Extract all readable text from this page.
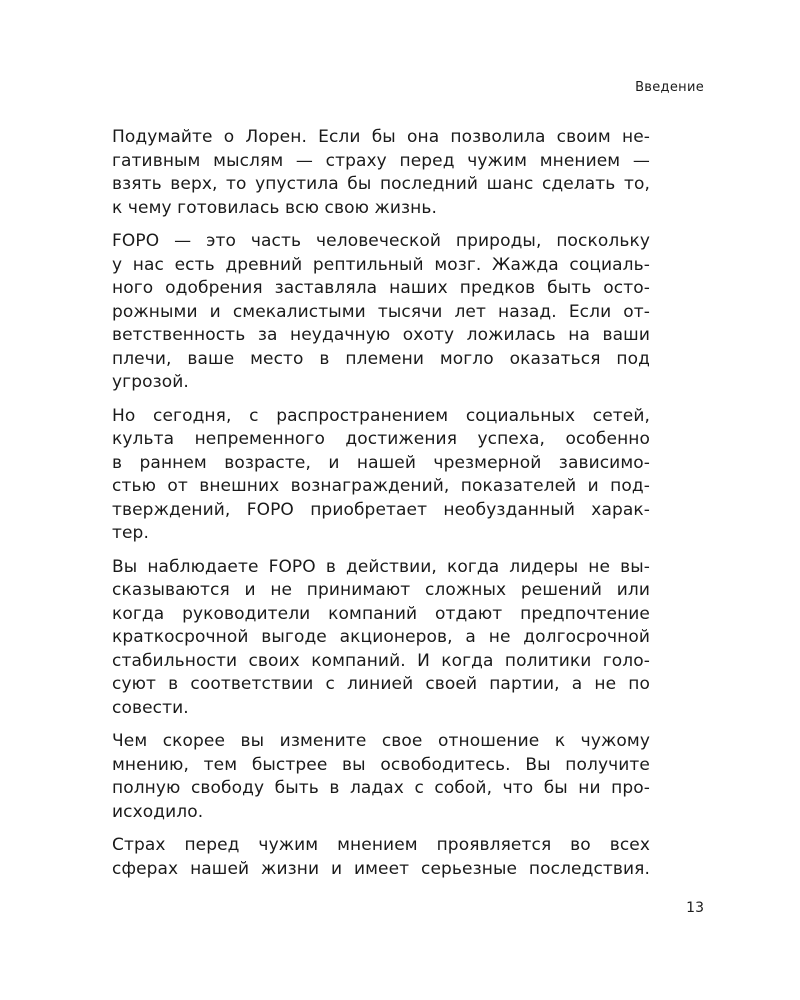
Введение

Подумайте о Лорен. Если бы она позволила своим не-
гативным мыслям — страху перед чужим мнением —
взять верх, то упустила бы последний шанс сделать то,
к чему готовилась всю свою жизнь.

FOPO — это часть человеческой природы, поскольку
у нас есть древний рептильный мозг. Жажда социаль-
ного одобрения заставляла наших предков быть осто-
рожными и смекалистыми тысячи лет назад. Если от-
ветственность за неудачную охоту ложилась на ваши
плечи, ваше место в племени могло оказаться под
угрозой.

Но сегодня, с распространением социальных сетей,
культа непременного достижения успеха, особенно
в раннем возрасте, и нашей чрезмерной зависимо-
стью от внешних вознаграждений, показателей и под-
тверждений, FOPO приобретает необузданный харак-
тер.

Вы наблюдаете FOPO в действии, когда лидеры не вы-
сказываются и не принимают сложных решений или
когда руководители компаний отдают предпочтение
краткосрочной выгоде акционеров, а не долгосрочной
стабильности своих компаний. И когда политики голо-
суют в соответствии с линией своей партии, а не по
совести.

Чем скорее вы измените свое отношение к чужому
мнению, тем быстрее вы освободитесь. Вы получите
полную свободу быть в ладах с собой, что бы ни про-
исходило.

Страх перед чужим мнением проявляется во всех
сферах нашей жизни и имеет серьезные последствия.

13
